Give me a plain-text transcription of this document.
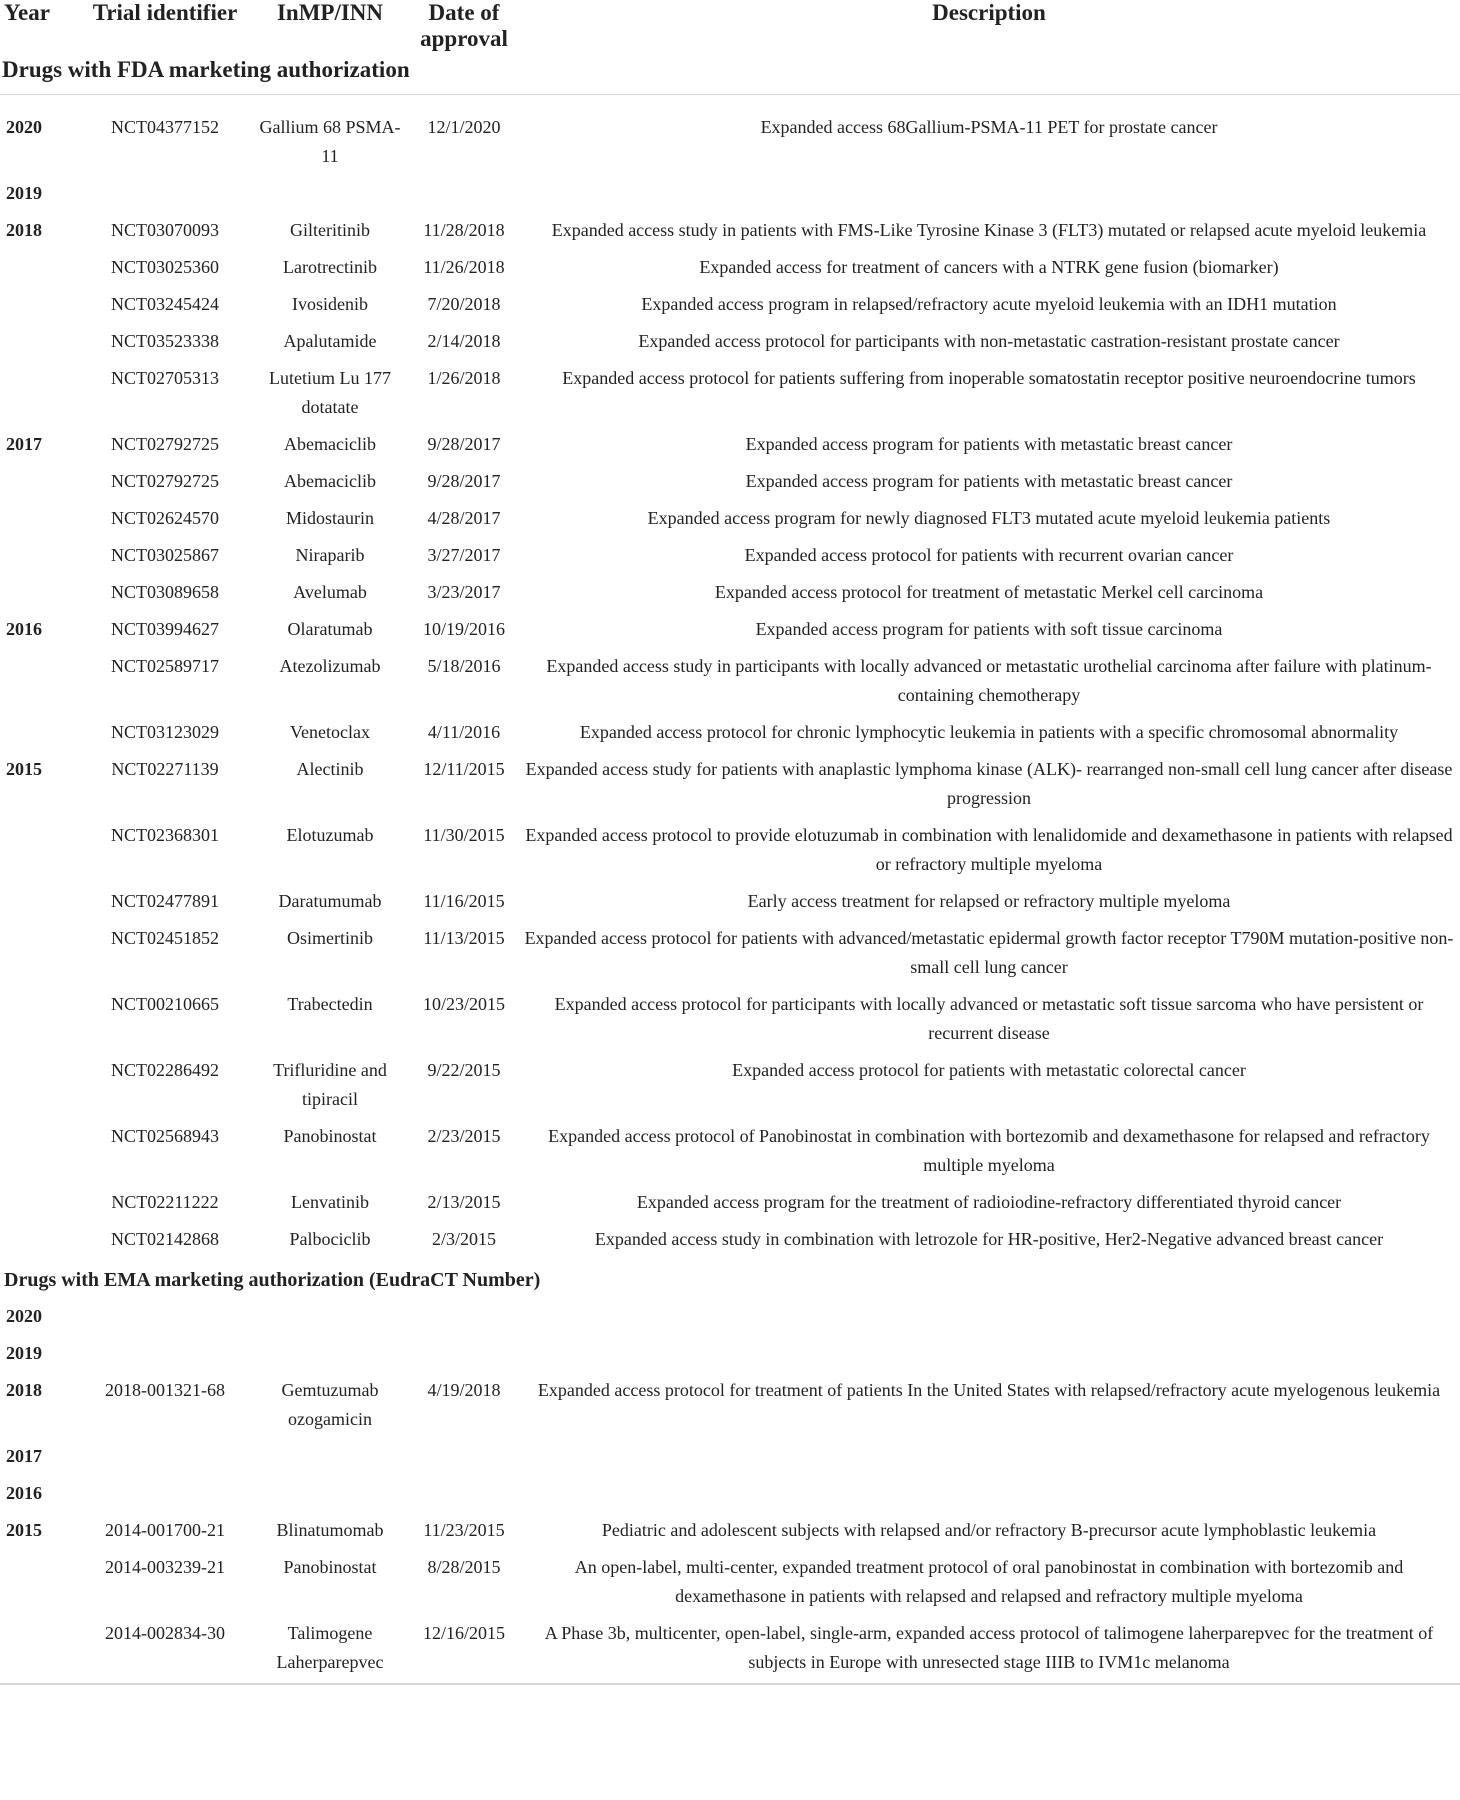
Year	Trial identifier	InMP/INN	Date of approval	Description
Drugs with FDA marketing authorization				

2020	NCT04377152	Gallium 68 PSMA-11	12/1/2020	Expanded access 68Gallium-PSMA-11 PET for prostate cancer
2019				
2018	NCT03070093	Gilteritinib	11/28/2018	Expanded access study in patients with FMS-Like Tyrosine Kinase 3 (FLT3) mutated or relapsed acute myeloid leukemia
	NCT03025360	Larotrectinib	11/26/2018	Expanded access for treatment of cancers with a NTRK gene fusion (biomarker)
	NCT03245424	Ivosidenib	7/20/2018	Expanded access program in relapsed/refractory acute myeloid leukemia with an IDH1 mutation
	NCT03523338	Apalutamide	2/14/2018	Expanded access protocol for participants with non-metastatic castration-resistant prostate cancer
	NCT02705313	Lutetium Lu 177 dotatate	1/26/2018	Expanded access protocol for patients suffering from inoperable somatostatin receptor positive neuroendocrine tumors
2017	NCT02792725	Abemaciclib	9/28/2017	Expanded access program for patients with metastatic breast cancer
	NCT02792725	Abemaciclib	9/28/2017	Expanded access program for patients with metastatic breast cancer
	NCT02624570	Midostaurin	4/28/2017	Expanded access program for newly diagnosed FLT3 mutated acute myeloid leukemia patients
	NCT03025867	Niraparib	3/27/2017	Expanded access protocol for patients with recurrent ovarian cancer
	NCT03089658	Avelumab	3/23/2017	Expanded access protocol for treatment of metastatic Merkel cell carcinoma
2016	NCT03994627	Olaratumab	10/19/2016	Expanded access program for patients with soft tissue carcinoma
	NCT02589717	Atezolizumab	5/18/2016	Expanded access study in participants with locally advanced or metastatic urothelial carcinoma after failure with platinum-containing chemotherapy
	NCT03123029	Venetoclax	4/11/2016	Expanded access protocol for chronic lymphocytic leukemia in patients with a specific chromosomal abnormality
2015	NCT02271139	Alectinib	12/11/2015	Expanded access study for patients with anaplastic lymphoma kinase (ALK)- rearranged non-small cell lung cancer after disease progression
	NCT02368301	Elotuzumab	11/30/2015	Expanded access protocol to provide elotuzumab in combination with lenalidomide and dexamethasone in patients with relapsed or refractory multiple myeloma
	NCT02477891	Daratumumab	11/16/2015	Early access treatment for relapsed or refractory multiple myeloma
	NCT02451852	Osimertinib	11/13/2015	Expanded access protocol for patients with advanced/metastatic epidermal growth factor receptor T790M mutation-positive non-small cell lung cancer
	NCT00210665	Trabectedin	10/23/2015	Expanded access protocol for participants with locally advanced or metastatic soft tissue sarcoma who have persistent or recurrent disease
	NCT02286492	Trifluridine and tipiracil	9/22/2015	Expanded access protocol for patients with metastatic colorectal cancer
	NCT02568943	Panobinostat	2/23/2015	Expanded access protocol of Panobinostat in combination with bortezomib and dexamethasone for relapsed and refractory multiple myeloma
	NCT02211222	Lenvatinib	2/13/2015	Expanded access program for the treatment of radioiodine-refractory differentiated thyroid cancer
	NCT02142868	Palbociclib	2/3/2015	Expanded access study in combination with letrozole for HR-positive, Her2-Negative advanced breast cancer
Drugs with EMA marketing authorization (EudraCT Number)				
2020				
2019				
2018	2018-001321-68	Gemtuzumab ozogamicin	4/19/2018	Expanded access protocol for treatment of patients In the United States with relapsed/refractory acute myelogenous leukemia
2017				
2016				
2015	2014-001700-21	Blinatumomab	11/23/2015	Pediatric and adolescent subjects with relapsed and/or refractory B-precursor acute lymphoblastic leukemia
	2014-003239-21	Panobinostat	8/28/2015	An open-label, multi-center, expanded treatment protocol of oral panobinostat in combination with bortezomib and dexamethasone in patients with relapsed and relapsed and refractory multiple myeloma
	2014-002834-30	Talimogene Laherparepvec	12/16/2015	A Phase 3b, multicenter, open-label, single-arm, expanded access protocol of talimogene laherparepvec for the treatment of subjects in Europe with unresected stage IIIB to IVM1c melanoma
